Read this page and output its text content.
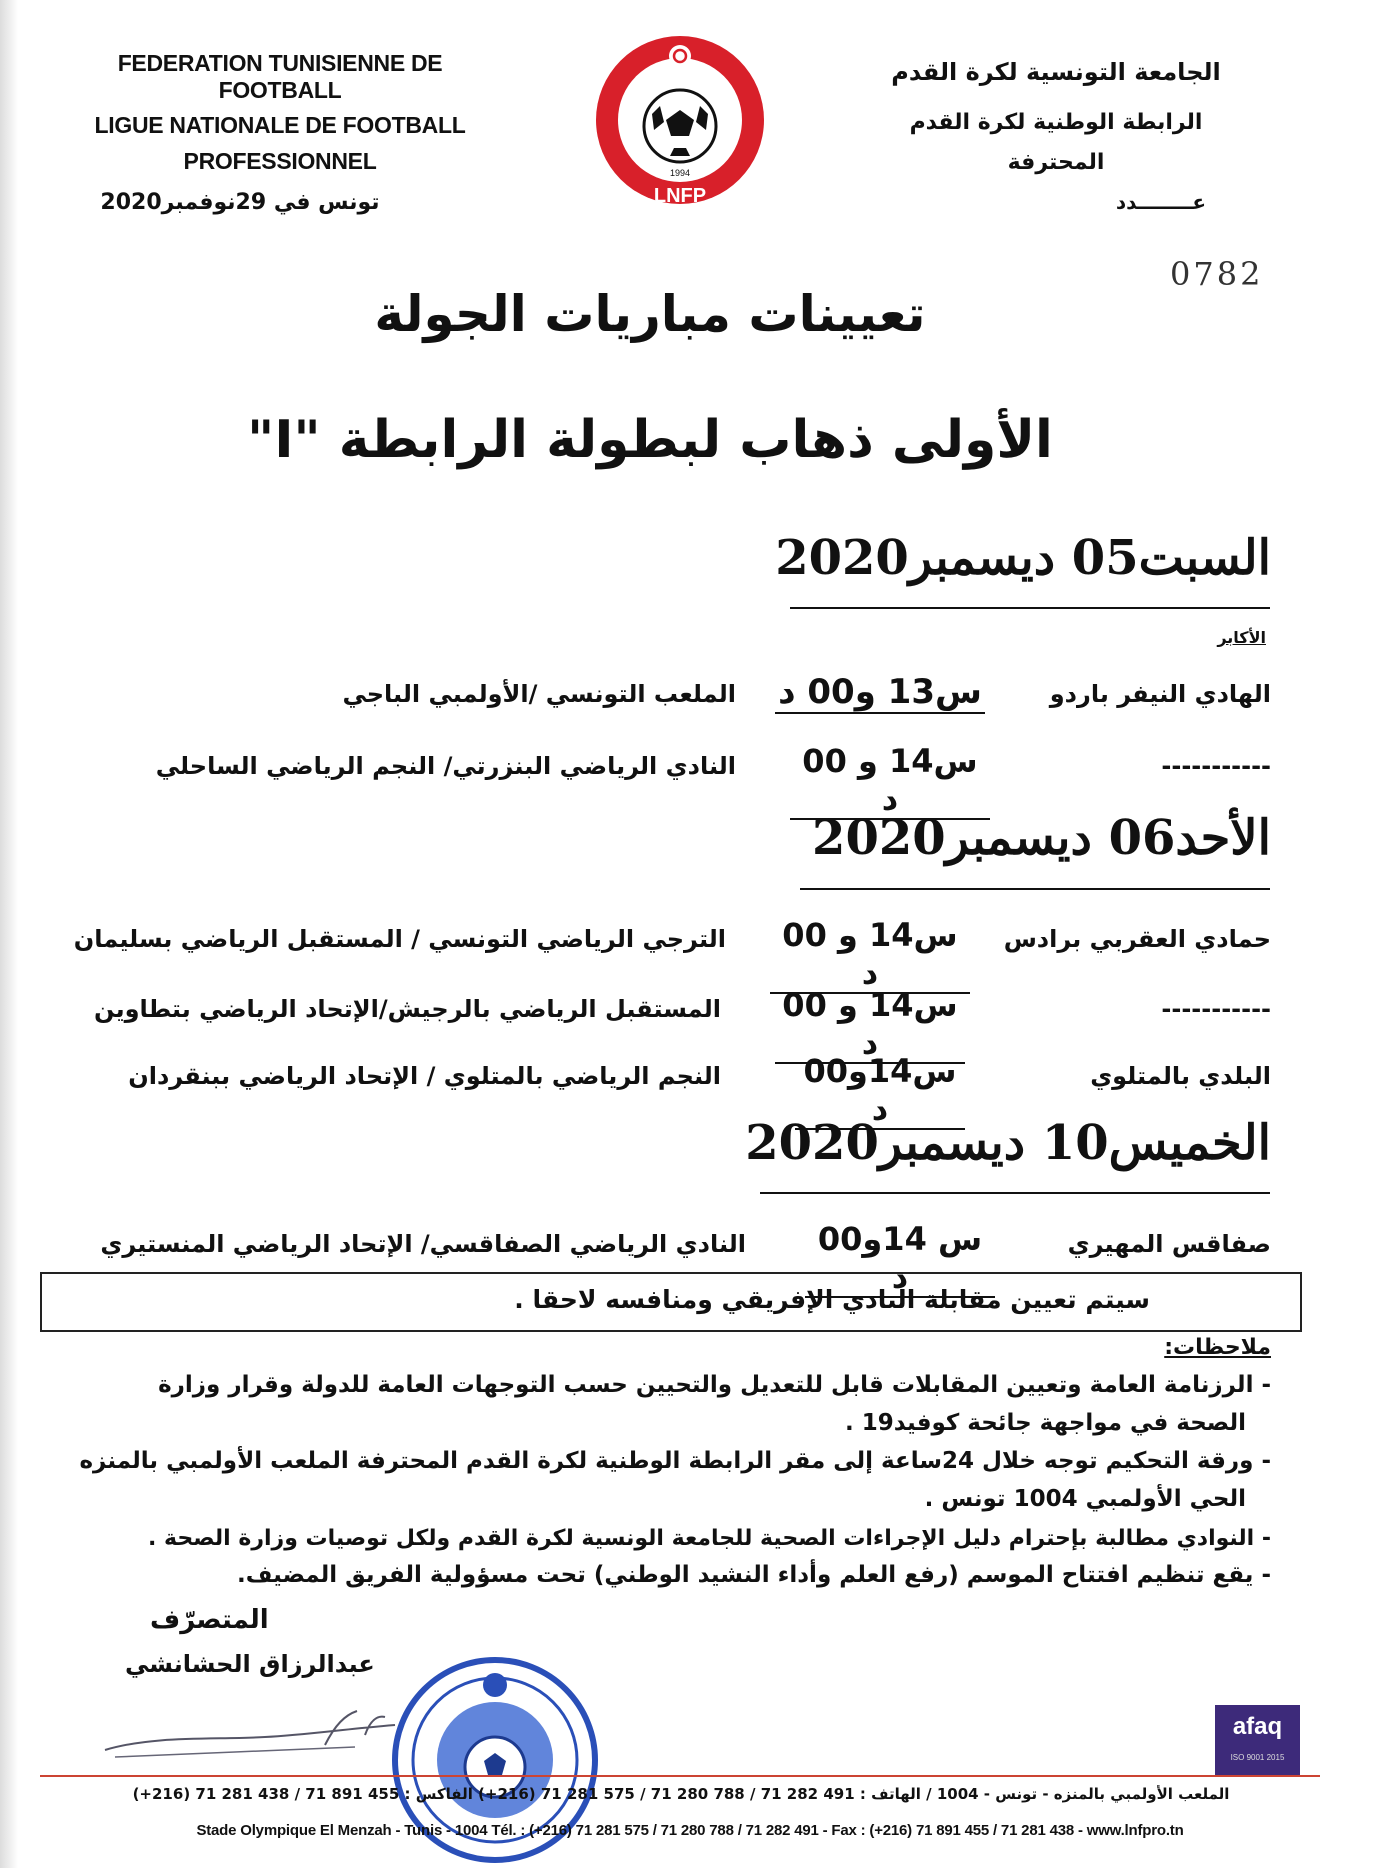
FEDERATION TUNISIENNE DE FOOTBALL
LIGUE NATIONALE DE FOOTBALL
PROFESSIONNEL
تونس في 29نوفمبر2020	LNFP
1994
الجامعة التونسية لكرة القدم
الرابطة الوطنية لكرة القدم
المحترفة
عــــــــدد
0782
تعيينات مباريات الجولة
الأولى ذهاب لبطولة الرابطة "I"
السبت05 ديسمبر2020
الأكابر
الهادي النيفر باردو
س13 و00 د
الملعب التونسي /الأولمبي الباجي
-----------
س14 و 00 د
النادي الرياضي البنزرتي/ النجم الرياضي الساحلي
الأحد06 ديسمبر2020
حمادي العقربي برادس
س14 و 00 د
الترجي الرياضي التونسي / المستقبل الرياضي بسليمان
-----------
س14 و 00 د
المستقبل الرياضي بالرجيش/الإتحاد الرياضي بتطاوين
البلدي بالمتلوي
س14و00 د
النجم الرياضي بالمتلوي / الإتحاد الرياضي ببنقردان
الخميس10 ديسمبر2020
صفاقس المهيري
س 14و00 د
النادي الرياضي الصفاقسي/ الإتحاد الرياضي المنستيري
سيتم تعيين مقابلة النادي الإفريقي ومنافسه لاحقا .
ملاحظات:
- الرزنامة العامة وتعيين المقابلات قابل للتعديل والتحيين حسب التوجهات العامة للدولة وقرار وزارة
الصحة في مواجهة جائحة كوفيد19 .
- ورقة التحكيم توجه خلال 24ساعة إلى مقر الرابطة الوطنية لكرة القدم المحترفة الملعب الأولمبي بالمنزه
الحي الأولمبي 1004 تونس .
- النوادي مطالبة بإحترام دليل الإجراءات الصحية للجامعة الونسية لكرة القدم ولكل توصيات وزارة الصحة .
- يقع تنظيم افتتاح الموسم (رفع العلم وأداء النشيد الوطني) تحت مسؤولية الفريق المضيف.
المتصرّف
عبدالرزاق الحشانشي
afaq
ISO 9001 2015
الملعب الأولمبي بالمنزه - تونس - 1004 / الهاتف : 491 282 71 / 788 280 71 / 575 281 71 (216+) الفاكس : 455 891 71 / 438 281 71 (216+)
Stade Olympique El Menzah - Tunis - 1004 Tél. : (+216) 71 281 575 / 71 280 788 / 71 282 491 - Fax : (+216) 71 891 455 / 71 281 438 - www.lnfpro.tn
